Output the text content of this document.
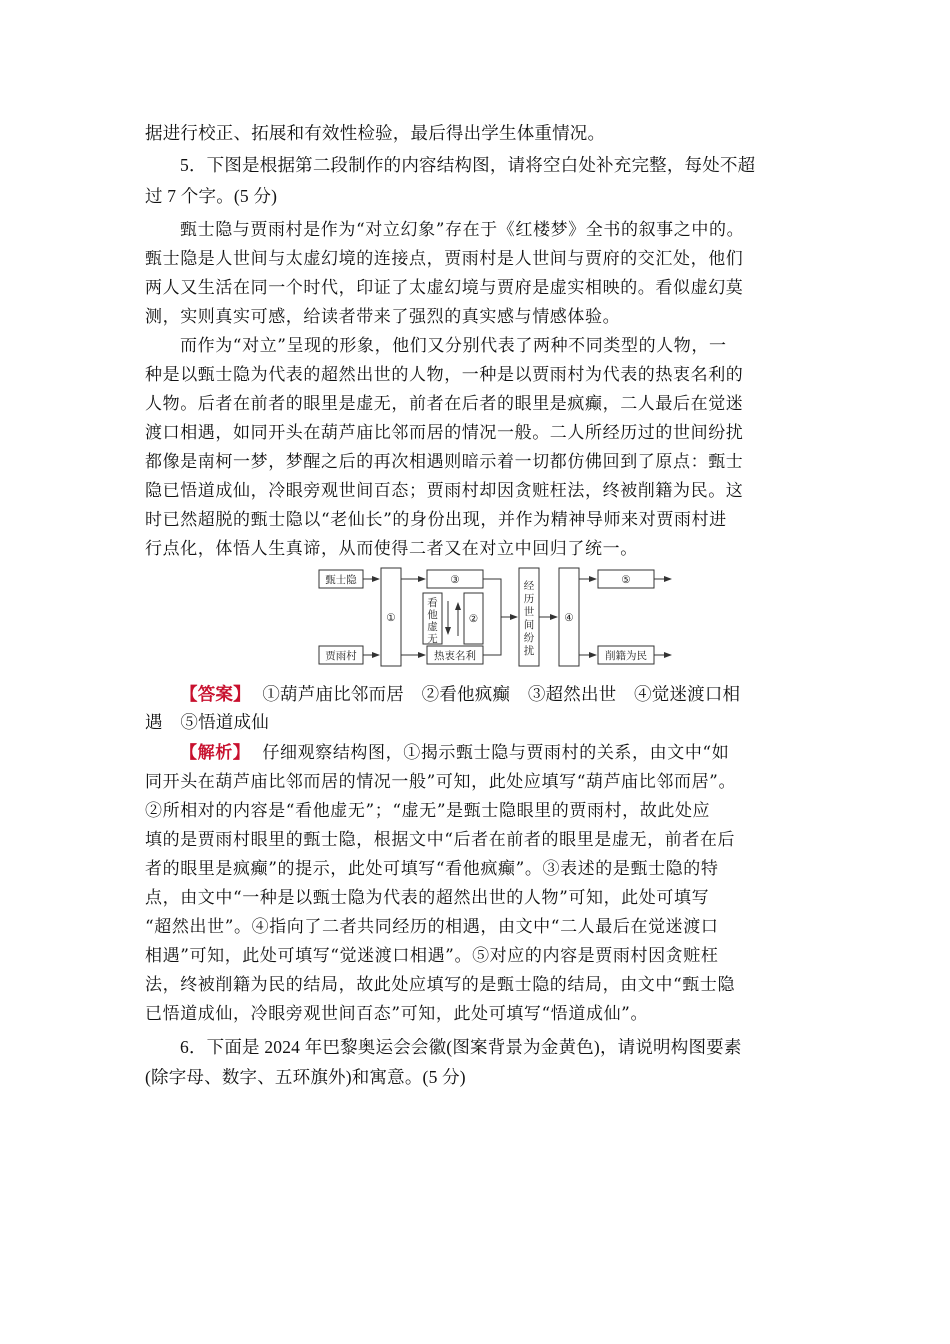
据进行校正、拓展和有效性检验，最后得出学生体重情况。
5．下图是根据第二段制作的内容结构图，请将空白处补充完整，每处不超
过 7 个字。(5 分)
甄士隐与贾雨村是作为“对立幻象”存在于《红楼梦》全书的叙事之中的。
甄士隐是人世间与太虚幻境的连接点，贾雨村是人世间与贾府的交汇处，他们
两人又生活在同一个时代，印证了太虚幻境与贾府是虚实相映的。看似虚幻莫
测，实则真实可感，给读者带来了强烈的真实感与情感体验。
而作为“对立”呈现的形象，他们又分别代表了两种不同类型的人物，一
种是以甄士隐为代表的超然出世的人物，一种是以贾雨村为代表的热衷名利的
人物。后者在前者的眼里是虚无，前者在后者的眼里是疯癫，二人最后在觉迷
渡口相遇，如同开头在葫芦庙比邻而居的情况一般。二人所经历过的世间纷扰
都像是南柯一梦，梦醒之后的再次相遇则暗示着一切都仿佛回到了原点：甄士
隐已悟道成仙，冷眼旁观世间百态；贾雨村却因贪赃枉法，终被削籍为民。这
时已然超脱的甄士隐以“老仙长”的身份出现，并作为精神导师来对贾雨村进
行点化，体悟人生真谛，从而使得二者又在对立中回归了统一。
甄士隐
贾雨村
①
③
热衷名利
看
他
虚
无
②
经
历
世
间
纷
扰
④
⑤
削籍为民
【答案】 ①葫芦庙比邻而居　②看他疯癫　③超然出世　④觉迷渡口相
遇　⑤悟道成仙
【解析】 仔细观察结构图，①揭示甄士隐与贾雨村的关系，由文中“如
同开头在葫芦庙比邻而居的情况一般”可知，此处应填写“葫芦庙比邻而居”。
②所相对的内容是“看他虚无”；“虚无”是甄士隐眼里的贾雨村，故此处应
填的是贾雨村眼里的甄士隐，根据文中“后者在前者的眼里是虚无，前者在后
者的眼里是疯癫”的提示，此处可填写“看他疯癫”。③表述的是甄士隐的特
点，由文中“一种是以甄士隐为代表的超然出世的人物”可知，此处可填写
“超然出世”。④指向了二者共同经历的相遇，由文中“二人最后在觉迷渡口
相遇”可知，此处可填写“觉迷渡口相遇”。⑤对应的内容是贾雨村因贪赃枉
法，终被削籍为民的结局，故此处应填写的是甄士隐的结局，由文中“甄士隐
已悟道成仙，冷眼旁观世间百态”可知，此处可填写“悟道成仙”。
6．下面是 2024 年巴黎奥运会会徽(图案背景为金黄色)，请说明构图要素
(除字母、数字、五环旗外)和寓意。(5 分)
